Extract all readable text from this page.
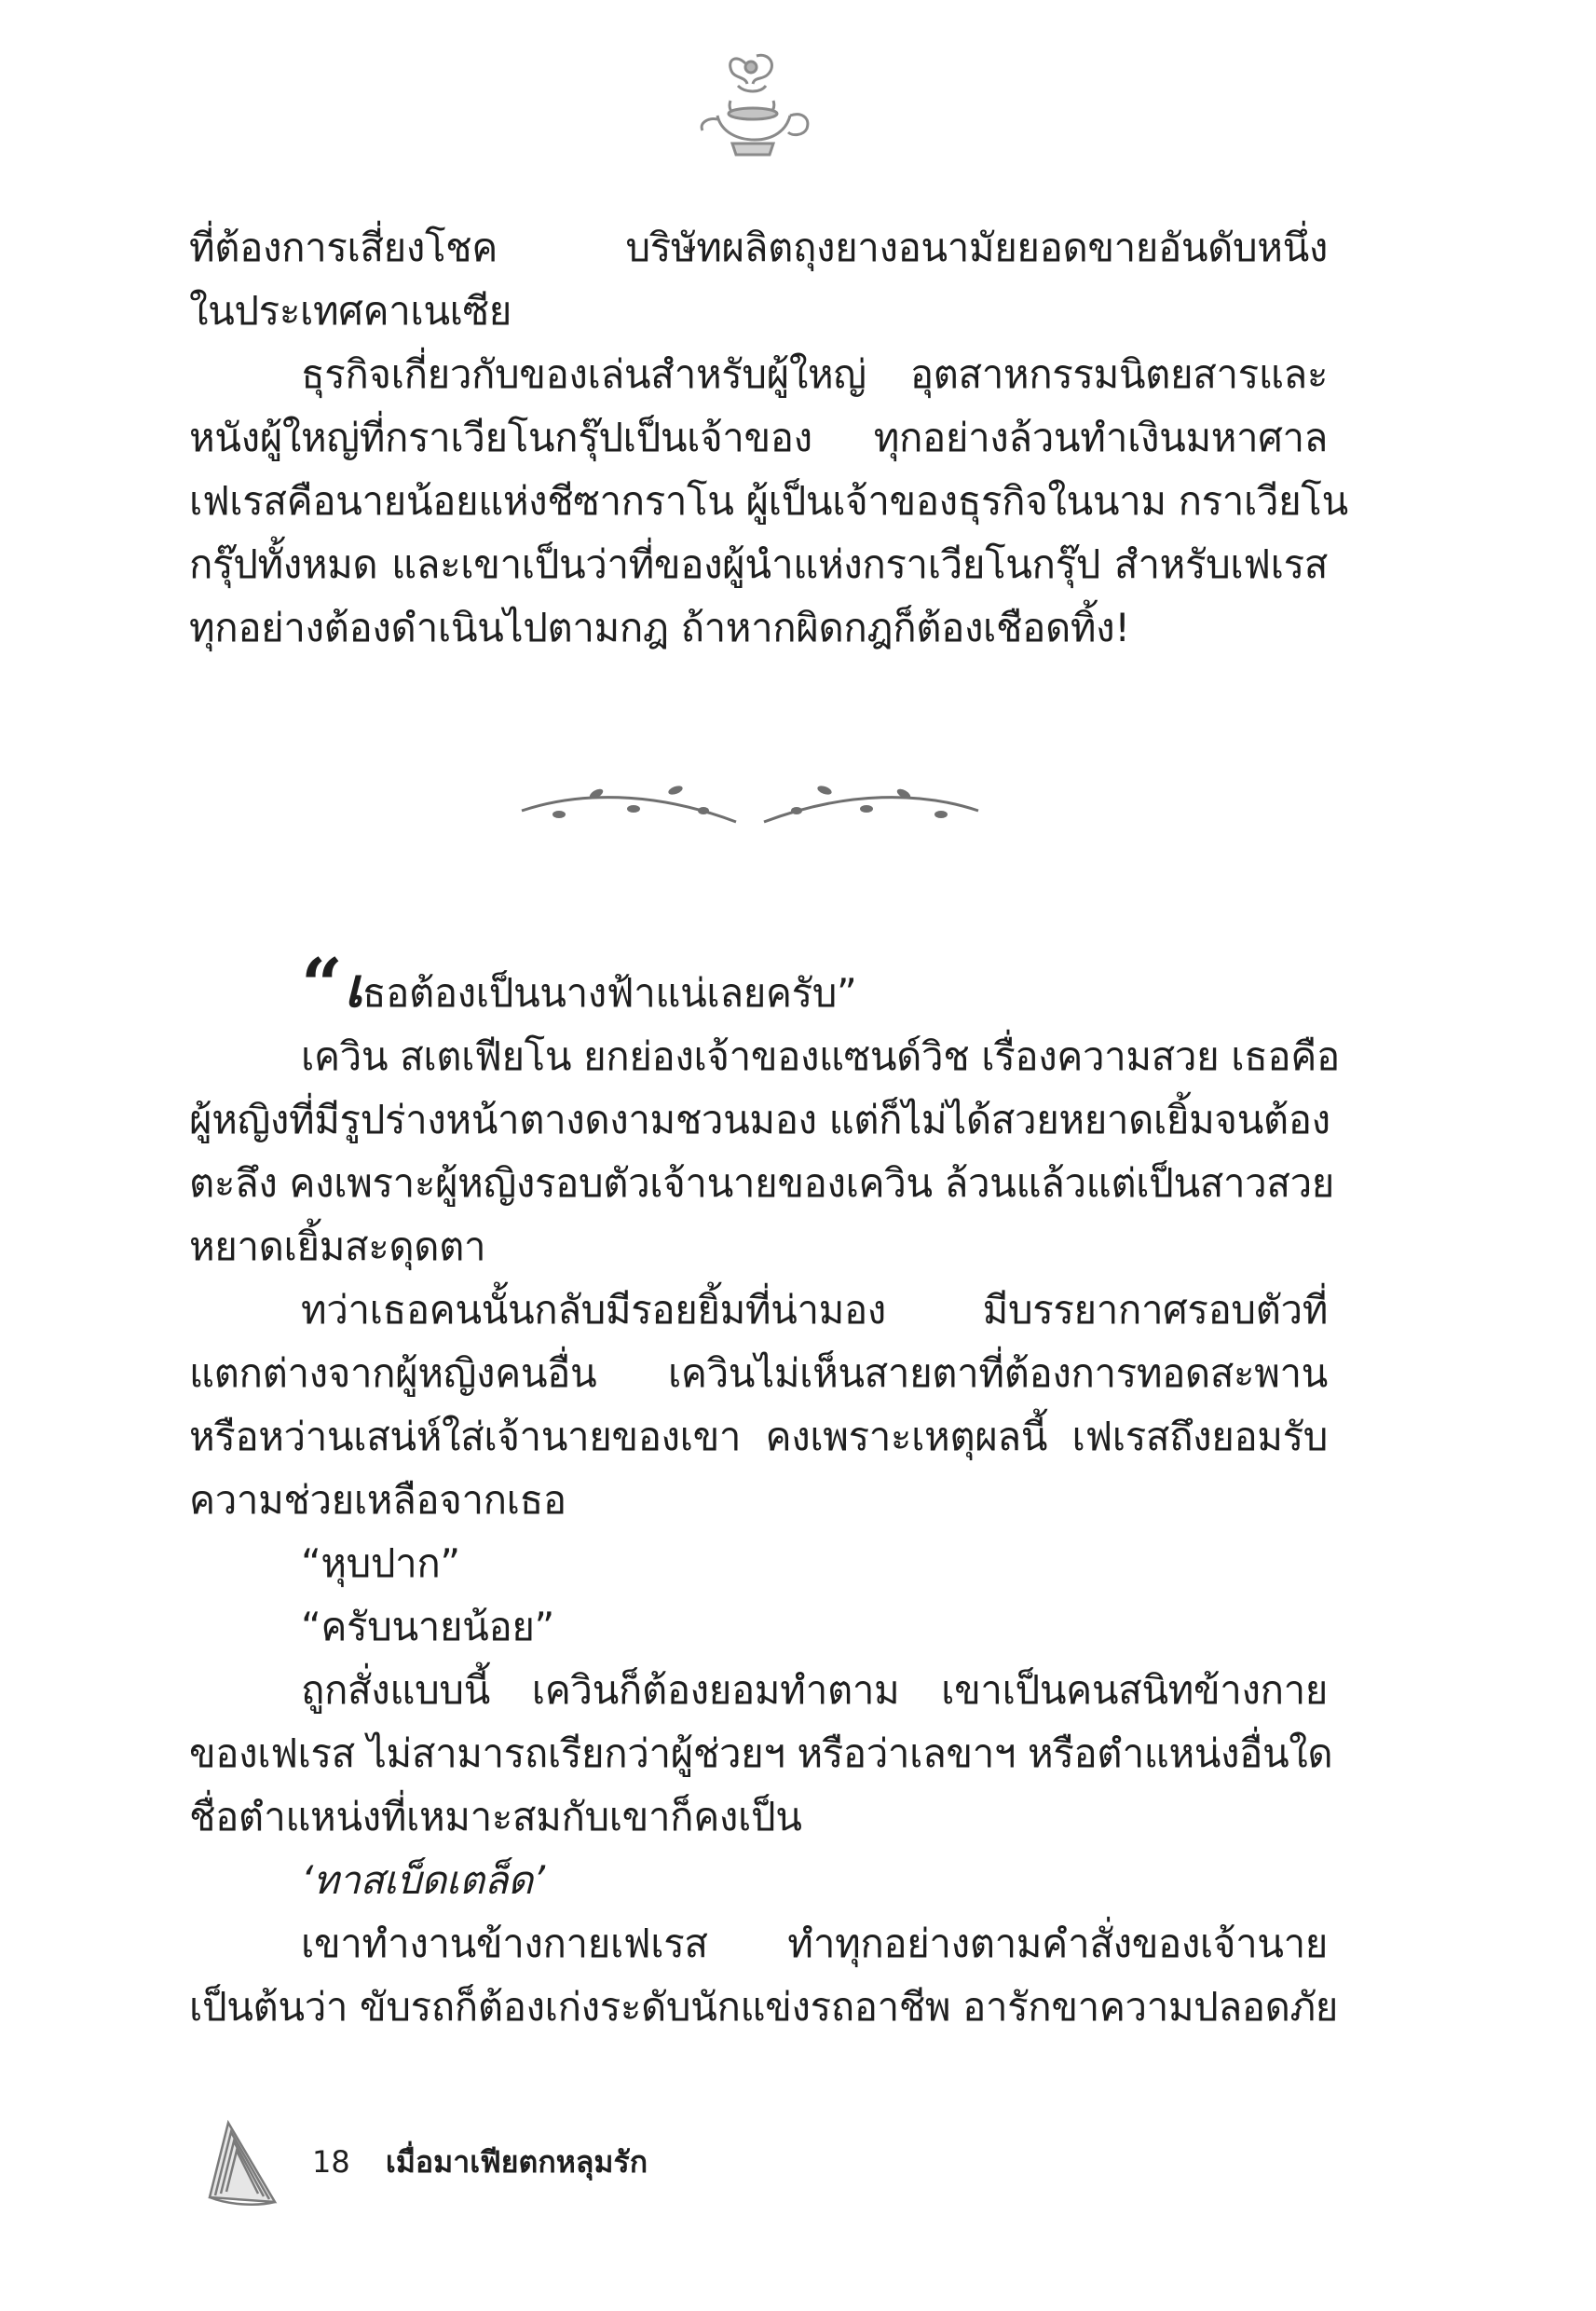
ที่ต้องการเสี่ยงโชค บริษัทผลิตถุงยางอนามัยยอดขายอันดับหนึ่ง
ในประเทศคาเนเซีย
ธุรกิจเกี่ยวกับของเล่นสำหรับผู้ใหญ่ อุตสาหกรรมนิตยสารและ
หนังผู้ใหญ่ที่กราเวียโนกรุ๊ปเป็นเจ้าของ ทุกอย่างล้วนทำเงินมหาศาล
เฟเรสคือนายน้อยแห่งชีซากราโน ผู้เป็นเจ้าของธุรกิจในนาม กราเวียโน
กรุ๊ปทั้งหมด และเขาเป็นว่าที่ของผู้นำแห่งกราเวียโนกรุ๊ป สำหรับเฟเรส
ทุกอย่างต้องดำเนินไปตามกฎ ถ้าหากผิดกฎก็ต้องเชือดทิ้ง!
“เธอต้องเป็นนางฟ้าแน่เลยครับ”
เควิน สเตเฟียโน ยกย่องเจ้าของแซนด์วิช เรื่องความสวย เธอคือ
ผู้หญิงที่มีรูปร่างหน้าตางดงามชวนมอง แต่ก็ไม่ได้สวยหยาดเยิ้มจนต้อง
ตะลึง คงเพราะผู้หญิงรอบตัวเจ้านายของเควิน ล้วนแล้วแต่เป็นสาวสวย
หยาดเยิ้มสะดุดตา
ทว่าเธอคนนั้นกลับมีรอยยิ้มที่น่ามอง มีบรรยากาศรอบตัวที่
แตกต่างจากผู้หญิงคนอื่น เควินไม่เห็นสายตาที่ต้องการทอดสะพาน
หรือหว่านเสน่ห์ใส่เจ้านายของเขา คงเพราะเหตุผลนี้ เฟเรสถึงยอมรับ
ความช่วยเหลือจากเธอ
“หุบปาก”
“ครับนายน้อย”
ถูกสั่งแบบนี้ เควินก็ต้องยอมทำตาม เขาเป็นคนสนิทข้างกาย
ของเฟเรส ไม่สามารถเรียกว่าผู้ช่วยฯ หรือว่าเลขาฯ หรือตำแหน่งอื่นใด
ชื่อตำแหน่งที่เหมาะสมกับเขาก็คงเป็น
‘ทาสเบ็ดเตล็ด’
เขาทำงานข้างกายเฟเรส ทำทุกอย่างตามคำสั่งของเจ้านาย
เป็นต้นว่า ขับรถก็ต้องเก่งระดับนักแข่งรถอาชีพ อารักขาความปลอดภัย
18 เมื่อมาเฟียตกหลุมรัก
